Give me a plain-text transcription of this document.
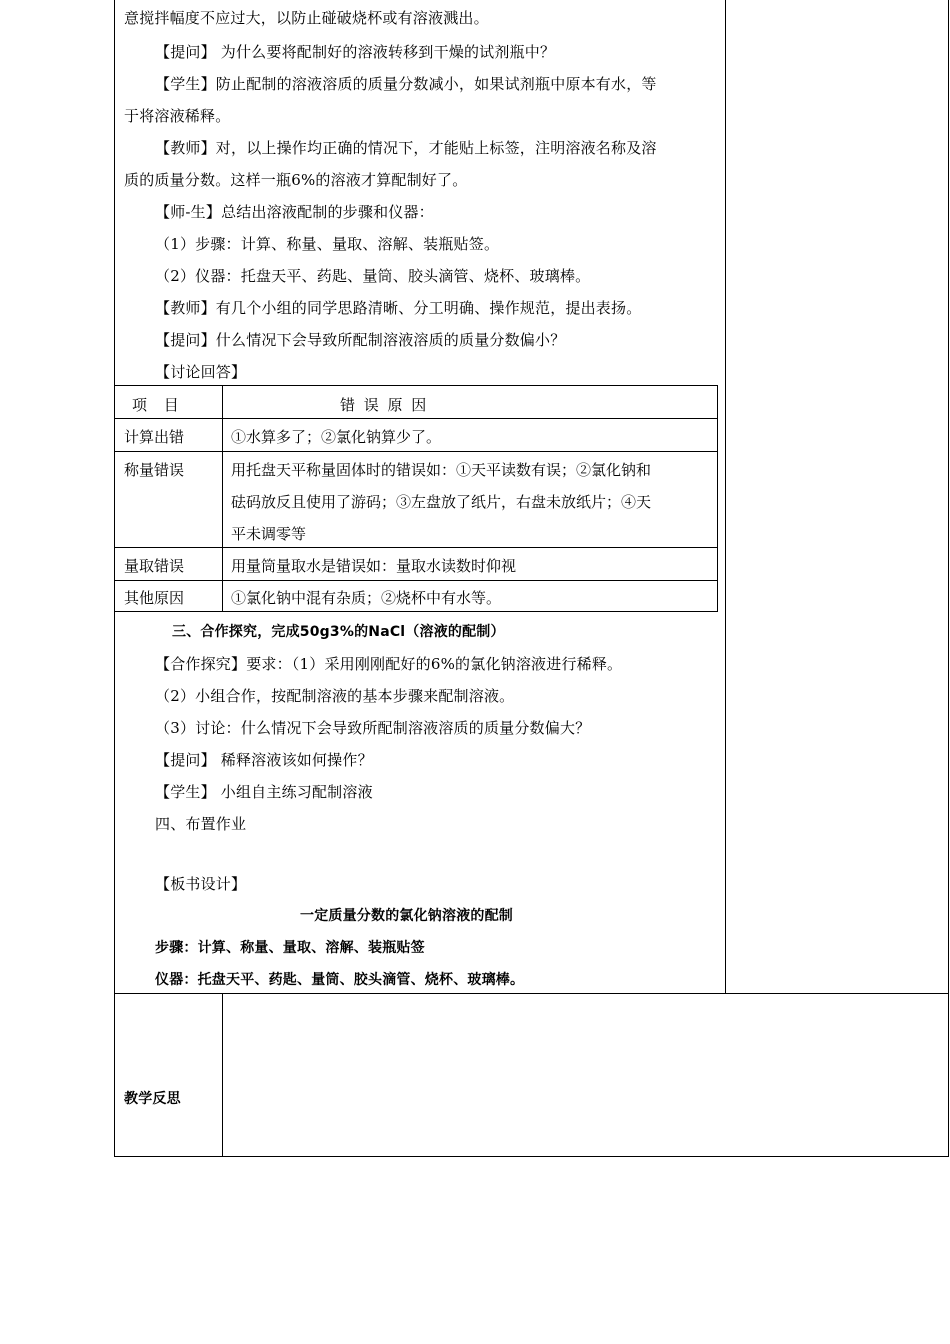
意搅拌幅度不应过大，以防止碰破烧杯或有溶液溅出。
【提问】 为什么要将配制好的溶液转移到干燥的试剂瓶中？
【学生】防止配制的溶液溶质的质量分数减小，如果试剂瓶中原本有水，等
于将溶液稀释。
【教师】对，以上操作均正确的情况下，才能贴上标签，注明溶液名称及溶
质的质量分数。这样一瓶6%的溶液才算配制好了。
【师-生】总结出溶液配制的步骤和仪器：
（1）步骤：计算、称量、量取、溶解、装瓶贴签。
（2）仪器：托盘天平、药匙、量筒、胶头滴管、烧杯、玻璃棒。
【教师】有几个小组的同学思路清晰、分工明确、操作规范，提出表扬。
【提问】什么情况下会导致所配制溶液溶质的质量分数偏小？
【讨论回答】
项 目	错 误 原 因
计算出错	①水算多了；②氯化钠算少了。
称量错误	用托盘天平称量固体时的错误如：①天平读数有误；②氯化钠和
砝码放反且使用了游码；③左盘放了纸片，右盘未放纸片；④天
平未调零等
量取错误	用量筒量取水是错误如：量取水读数时仰视
其他原因	①氯化钠中混有杂质；②烧杯中有水等。
三、合作探究，完成50g3%的NaCl（溶液的配制）
【合作探究】要求：（1）采用刚刚配好的6%的氯化钠溶液进行稀释。
（2）小组合作，按配制溶液的基本步骤来配制溶液。
（3）讨论：什么情况下会导致所配制溶液溶质的质量分数偏大？
【提问】 稀释溶液该如何操作？
【学生】 小组自主练习配制溶液
四、布置作业
【板书设计】
一定质量分数的氯化钠溶液的配制
步骤：计算、称量、量取、溶解、装瓶贴签
仪器：托盘天平、药匙、量筒、胶头滴管、烧杯、玻璃棒。
教学反思
